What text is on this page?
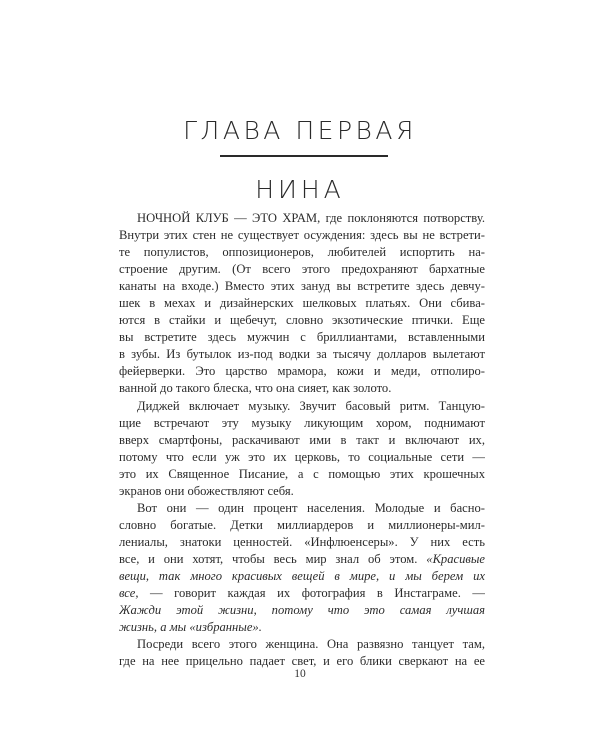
ГЛАВА ПЕРВАЯ
НИНА
НОЧНОЙ КЛУБ — ЭТО ХРАМ, где поклоняются потворству.
Внутри этих стен не существует осуждения: здесь вы не встрети-
те популистов, оппозиционеров, любителей испортить на-
строение другим. (От всего этого предохраняют бархатные
канаты на входе.) Вместо этих зануд вы встретите здесь девчу-
шек в мехах и дизайнерских шелковых платьях. Они сбива-
ются в стайки и щебечут, словно экзотические птички. Еще
вы встретите здесь мужчин с бриллиантами, вставленными
в зубы. Из бутылок из-под водки за тысячу долларов вылетают
фейерверки. Это царство мрамора, кожи и меди, отполиро-
ванной до такого блеска, что она сияет, как золото.
Диджей включает музыку. Звучит басовый ритм. Танцую-
щие встречают эту музыку ликующим хором, поднимают
вверх смартфоны, раскачивают ими в такт и включают их,
потому что если уж это их церковь, то социальные сети —
это их Священное Писание, а с помощью этих крошечных
экранов они обожествляют себя.
Вот они — один процент населения. Молодые и басно-
словно богатые. Детки миллиардеров и миллионеры-мил-
лениалы, знатоки ценностей. «Инфлюенсеры». У них есть
все, и они хотят, чтобы весь мир знал об этом. «Красивые
вещи, так много красивых вещей в мире, и мы берем их
все, — говорит каждая их фотография в Инстаграме. —
Жажди этой жизни, потому что это самая лучшая
жизнь, а мы «избранные».
Посреди всего этого женщина. Она развязно танцует там,
где на нее прицельно падает свет, и его блики сверкают на ее
10
